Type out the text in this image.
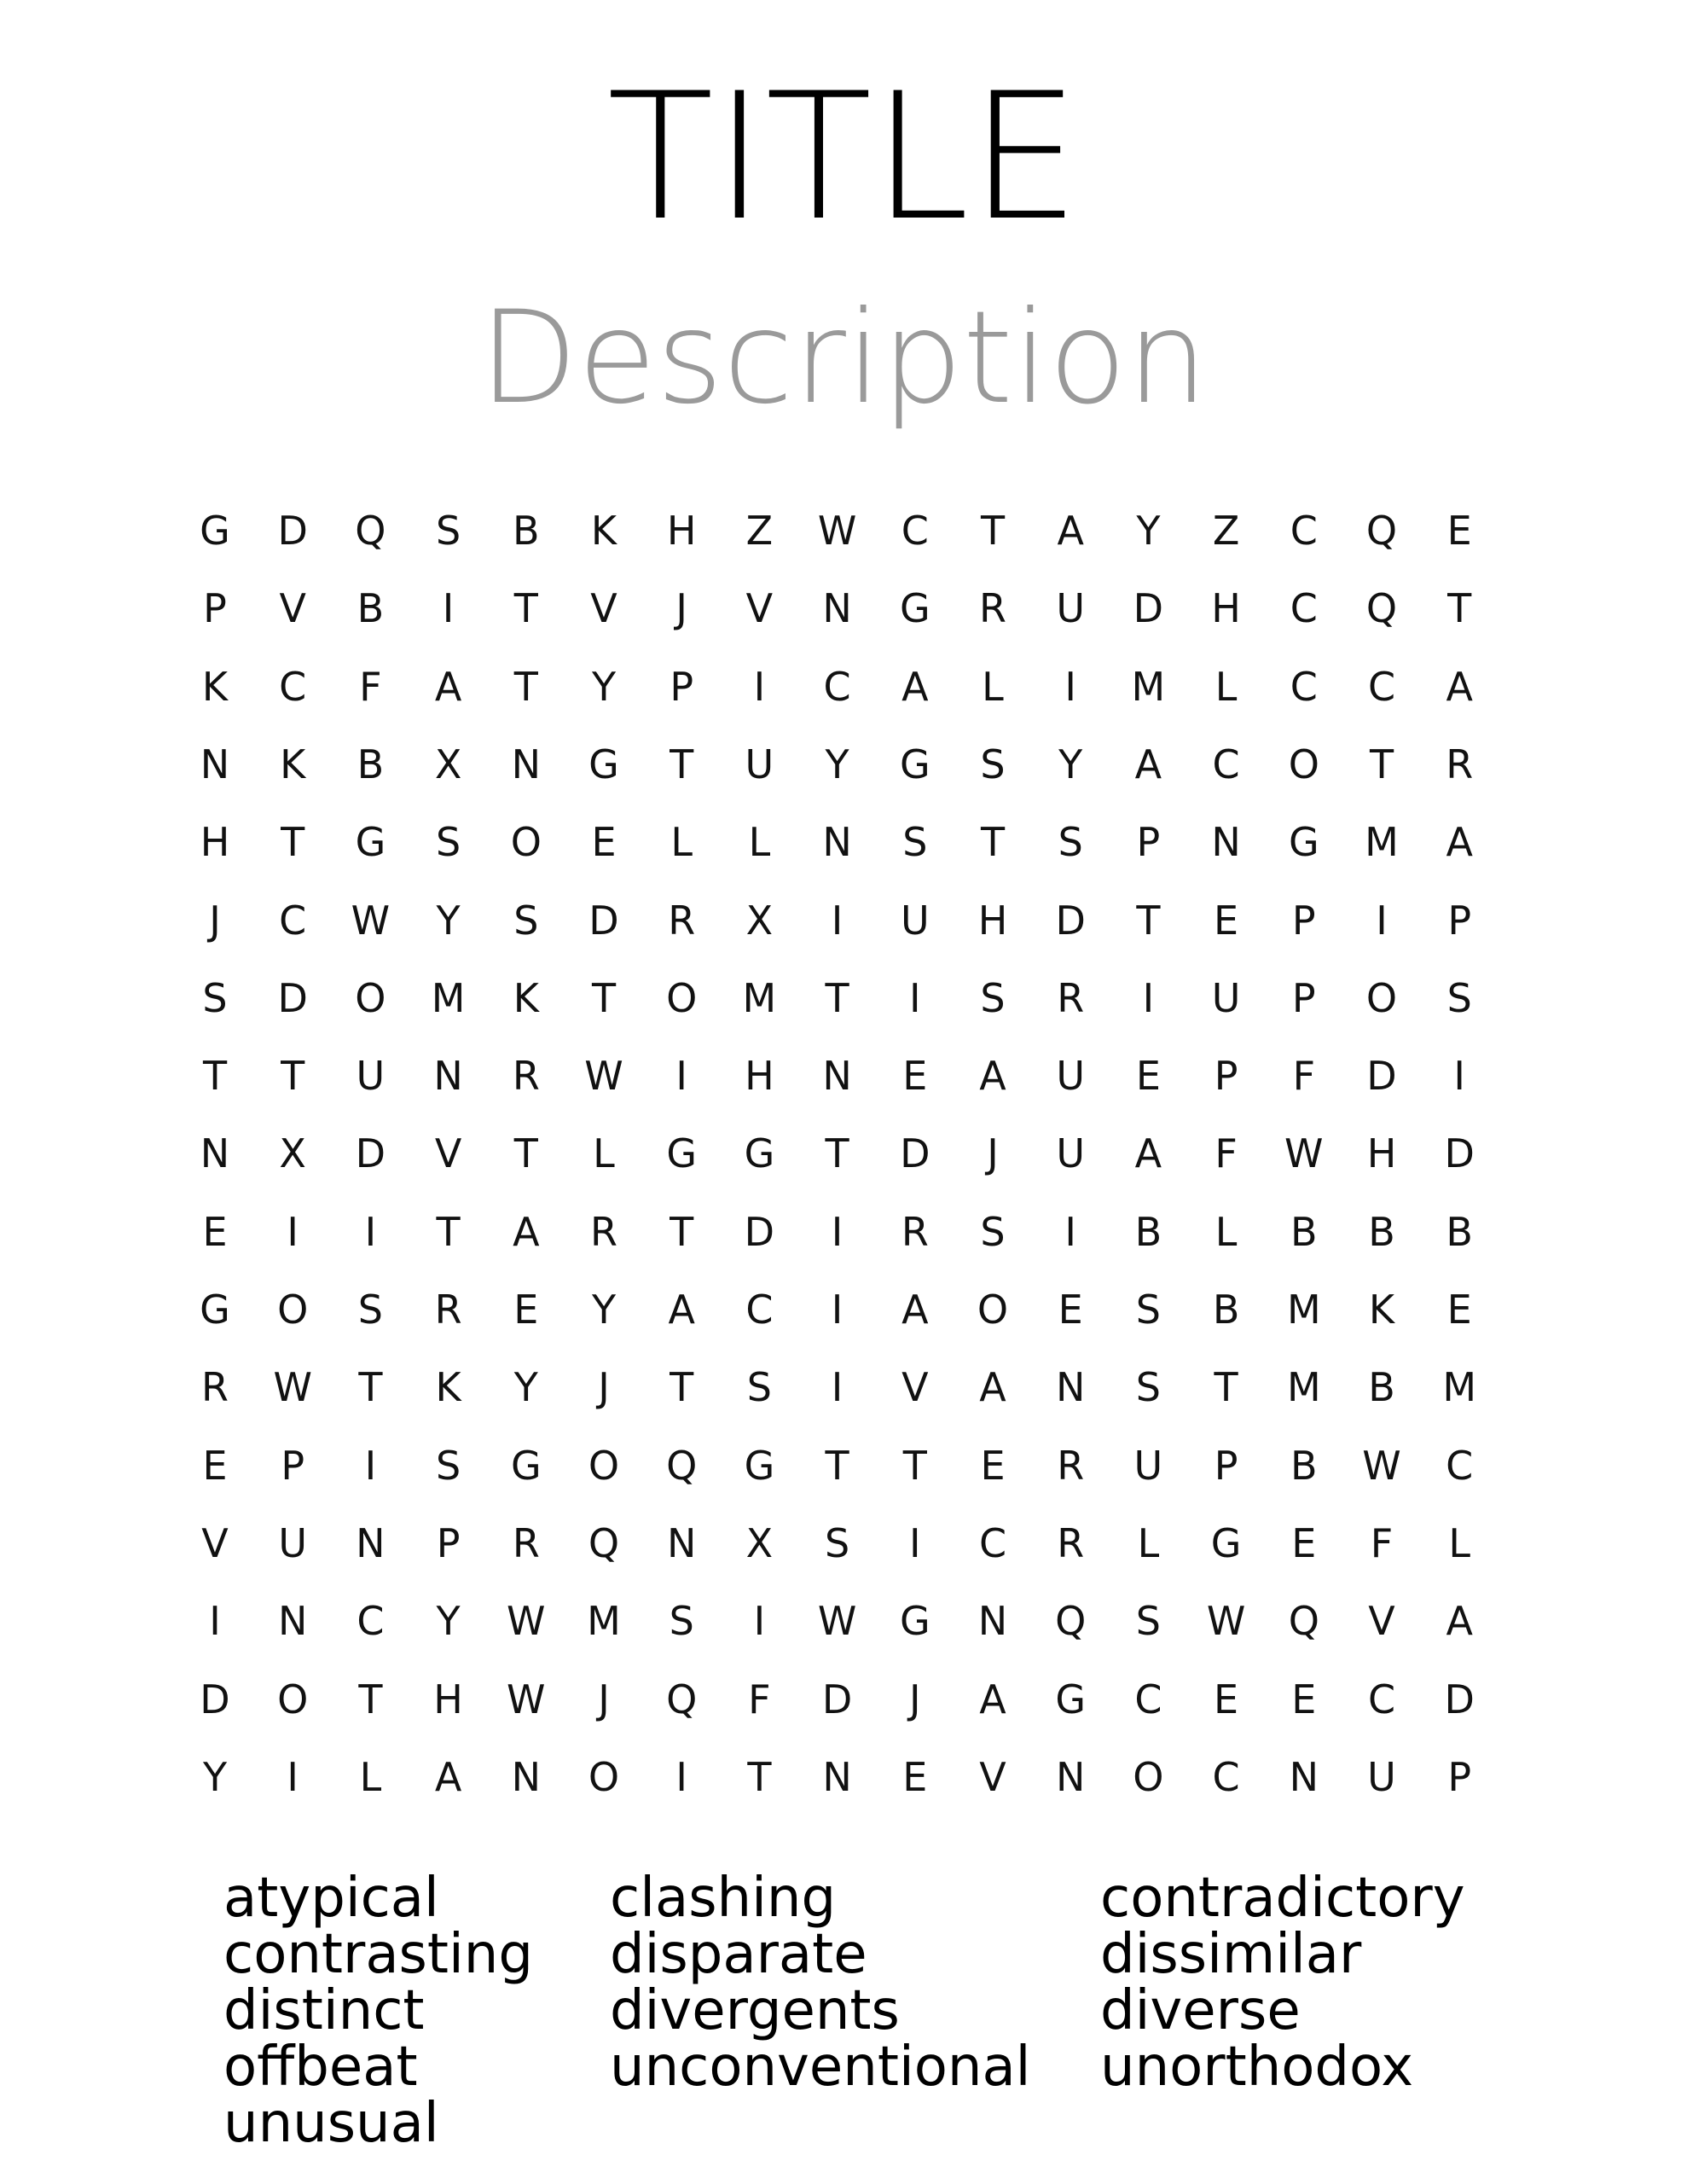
TITLE
Description
G	D	Q	S	B	K	H	Z	W	C	T	A	Y	Z	C	Q	E
P	V	B	I	T	V	J	V	N	G	R	U	D	H	C	Q	T
K	C	F	A	T	Y	P	I	C	A	L	I	M	L	C	C	A
N	K	B	X	N	G	T	U	Y	G	S	Y	A	C	O	T	R
H	T	G	S	O	E	L	L	N	S	T	S	P	N	G	M	A
J	C	W	Y	S	D	R	X	I	U	H	D	T	E	P	I	P
S	D	O	M	K	T	O	M	T	I	S	R	I	U	P	O	S
T	T	U	N	R	W	I	H	N	E	A	U	E	P	F	D	I
N	X	D	V	T	L	G	G	T	D	J	U	A	F	W	H	D
E	I	I	T	A	R	T	D	I	R	S	I	B	L	B	B	B
G	O	S	R	E	Y	A	C	I	A	O	E	S	B	M	K	E
R	W	T	K	Y	J	T	S	I	V	A	N	S	T	M	B	M
E	P	I	S	G	O	Q	G	T	T	E	R	U	P	B	W	C
V	U	N	P	R	Q	N	X	S	I	C	R	L	G	E	F	L
I	N	C	Y	W	M	S	I	W	G	N	Q	S	W	Q	V	A
D	O	T	H	W	J	Q	F	D	J	A	G	C	E	E	C	D
Y	I	L	A	N	O	I	T	N	E	V	N	O	C	N	U	P
atypical
contrasting
distinct
offbeat
unusual
clashing
disparate
divergents
unconventional
contradictory
dissimilar
diverse
unorthodox
